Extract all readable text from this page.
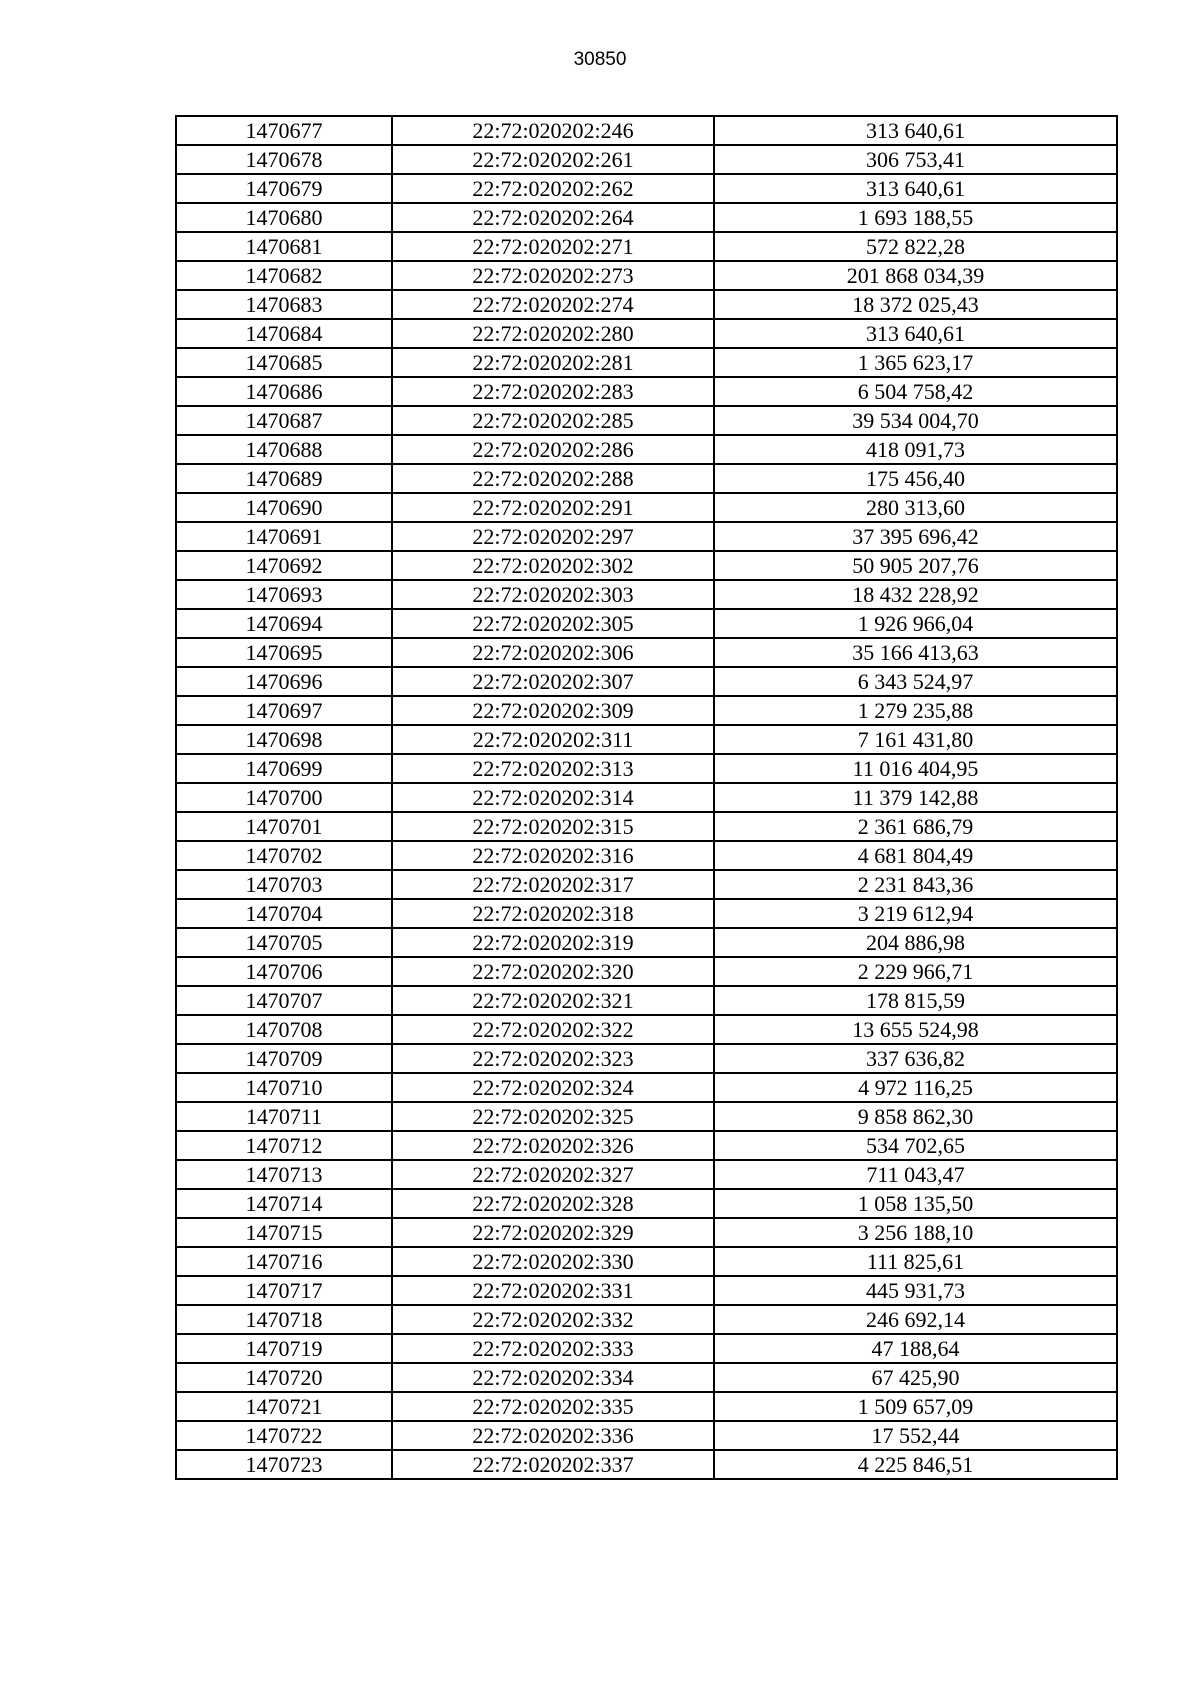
30850
1470677	22:72:020202:246	313 640,61
1470678	22:72:020202:261	306 753,41
1470679	22:72:020202:262	313 640,61
1470680	22:72:020202:264	1 693 188,55
1470681	22:72:020202:271	572 822,28
1470682	22:72:020202:273	201 868 034,39
1470683	22:72:020202:274	18 372 025,43
1470684	22:72:020202:280	313 640,61
1470685	22:72:020202:281	1 365 623,17
1470686	22:72:020202:283	6 504 758,42
1470687	22:72:020202:285	39 534 004,70
1470688	22:72:020202:286	418 091,73
1470689	22:72:020202:288	175 456,40
1470690	22:72:020202:291	280 313,60
1470691	22:72:020202:297	37 395 696,42
1470692	22:72:020202:302	50 905 207,76
1470693	22:72:020202:303	18 432 228,92
1470694	22:72:020202:305	1 926 966,04
1470695	22:72:020202:306	35 166 413,63
1470696	22:72:020202:307	6 343 524,97
1470697	22:72:020202:309	1 279 235,88
1470698	22:72:020202:311	7 161 431,80
1470699	22:72:020202:313	11 016 404,95
1470700	22:72:020202:314	11 379 142,88
1470701	22:72:020202:315	2 361 686,79
1470702	22:72:020202:316	4 681 804,49
1470703	22:72:020202:317	2 231 843,36
1470704	22:72:020202:318	3 219 612,94
1470705	22:72:020202:319	204 886,98
1470706	22:72:020202:320	2 229 966,71
1470707	22:72:020202:321	178 815,59
1470708	22:72:020202:322	13 655 524,98
1470709	22:72:020202:323	337 636,82
1470710	22:72:020202:324	4 972 116,25
1470711	22:72:020202:325	9 858 862,30
1470712	22:72:020202:326	534 702,65
1470713	22:72:020202:327	711 043,47
1470714	22:72:020202:328	1 058 135,50
1470715	22:72:020202:329	3 256 188,10
1470716	22:72:020202:330	111 825,61
1470717	22:72:020202:331	445 931,73
1470718	22:72:020202:332	246 692,14
1470719	22:72:020202:333	47 188,64
1470720	22:72:020202:334	67 425,90
1470721	22:72:020202:335	1 509 657,09
1470722	22:72:020202:336	17 552,44
1470723	22:72:020202:337	4 225 846,51
